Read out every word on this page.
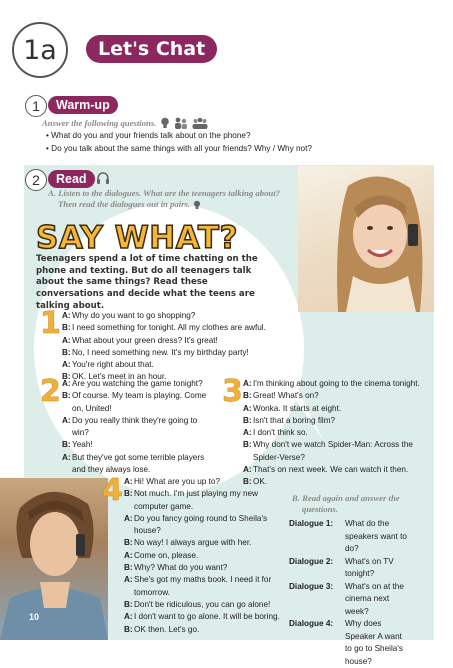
1a	Let's Chat
1	Warm-up
Answer the following questions.
• What do you and your friends talk about on the phone?
• Do you talk about the same things with all your friends? Why / Why not?
2	Read
A. Listen to the dialogues. What are the teenagers talking about?
Then read the dialogues out in pairs.
SAY WHAT?
Teenagers spend a lot of time chatting on the phone and texting. But do all teenagers talk about the same things? Read these conversations and decide what the teens are talking about.
1 A: Why do you want to go shopping?
B: I need something for tonight. All my clothes are awful.
A: What about your green dress? It's great!
B: No, I need something new. It's my birthday party!
A: You're right about that.
B: OK. Let's meet in an hour.
2 A: Are you watching the game tonight?
B: Of course. My team is playing. Come on, United!
A: Do you really think they're going to win?
B: Yeah!
A: But they've got some terrible players and they always lose.
3 A: I'm thinking about going to the cinema tonight.
B: Great! What's on?
A: Wonka. It starts at eight.
B: Isn't that a boring film?
A: I don't think so.
B: Why don't we watch Spider-Man: Across the Spider-Verse?
A: That's on next week. We can watch it then.
B: OK.
4 A: Hi! What are you up to?
B: Not much. I'm just playing my new computer game.
A: Do you fancy going round to Sheila's house?
B: No way! I always argue with her.
A: Come on, please.
B: Why? What do you want?
A: She's got my maths book. I need it for tomorrow.
B: Don't be ridiculous, you can go alone!
A: I don't want to go alone. It will be boring.
B: OK then. Let's go.
B. Read again and answer the
questions.
Dialogue 1:	What do the speakers want to do?
Dialogue 2:	What's on TV tonight?
Dialogue 3:	What's on at the cinema next week?
Dialogue 4:	Why does Speaker A want to go to Sheila's house?
10
